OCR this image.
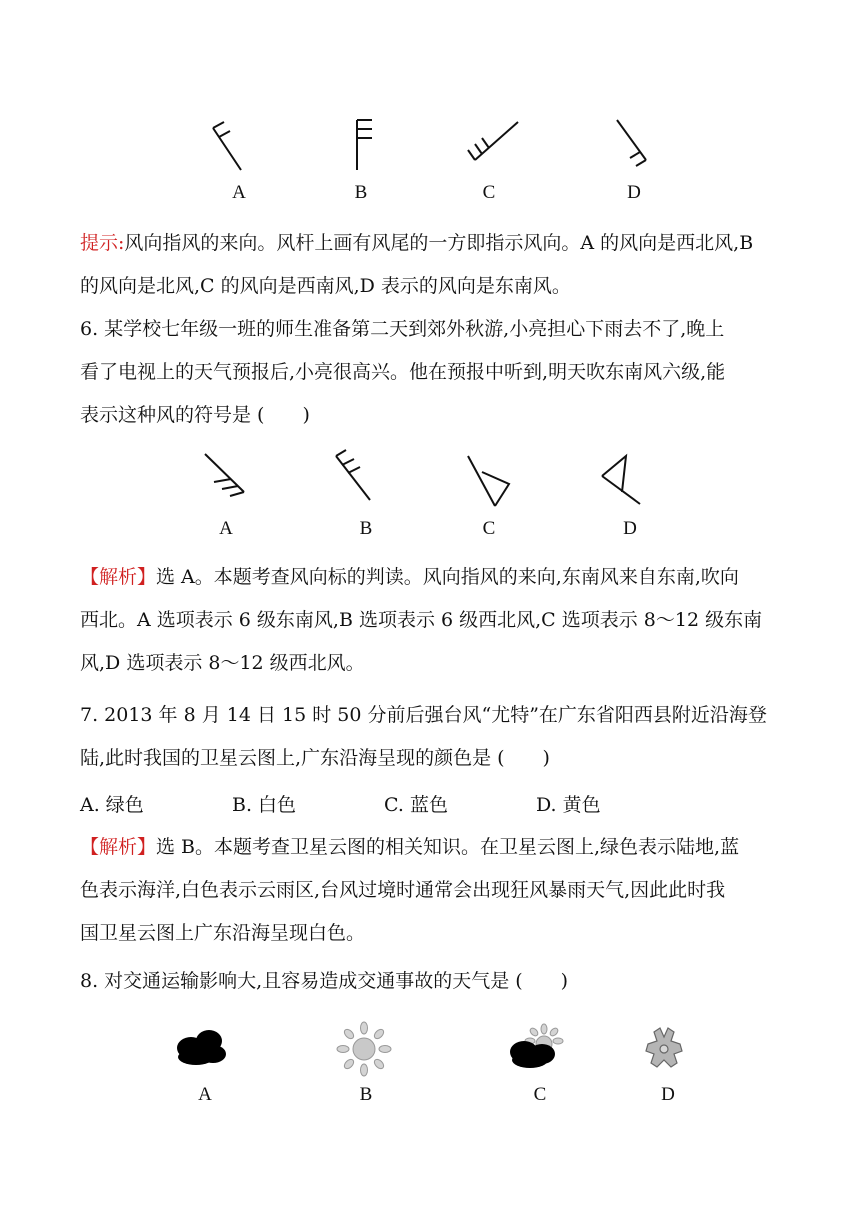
A	B	C	D
提示:风向指风的来向。风杆上画有风尾的一方即指示风向。A 的风向是西北风,B
的风向是北风,C 的风向是西南风,D 表示的风向是东南风。
6. 某学校七年级一班的师生准备第二天到郊外秋游,小亮担心下雨去不了,晚上
看了电视上的天气预报后,小亮很高兴。他在预报中听到,明天吹东南风六级,能
表示这种风的符号是 (　　)
A	B	C	D
【解析】选 A。本题考查风向标的判读。风向指风的来向,东南风来自东南,吹向
西北。A 选项表示 6 级东南风,B 选项表示 6 级西北风,C 选项表示 8～12 级东南
风,D 选项表示 8～12 级西北风。
7. 2013 年 8 月 14 日 15 时 50 分前后强台风“尤特”在广东省阳西县附近沿海登
陆,此时我国的卫星云图上,广东沿海呈现的颜色是 (　　)
A. 绿色	B. 白色	C. 蓝色	D. 黄色
【解析】选 B。本题考查卫星云图的相关知识。在卫星云图上,绿色表示陆地,蓝
色表示海洋,白色表示云雨区,台风过境时通常会出现狂风暴雨天气,因此此时我
国卫星云图上广东沿海呈现白色。
8. 对交通运输影响大,且容易造成交通事故的天气是 (　　)
A	B	C	D
